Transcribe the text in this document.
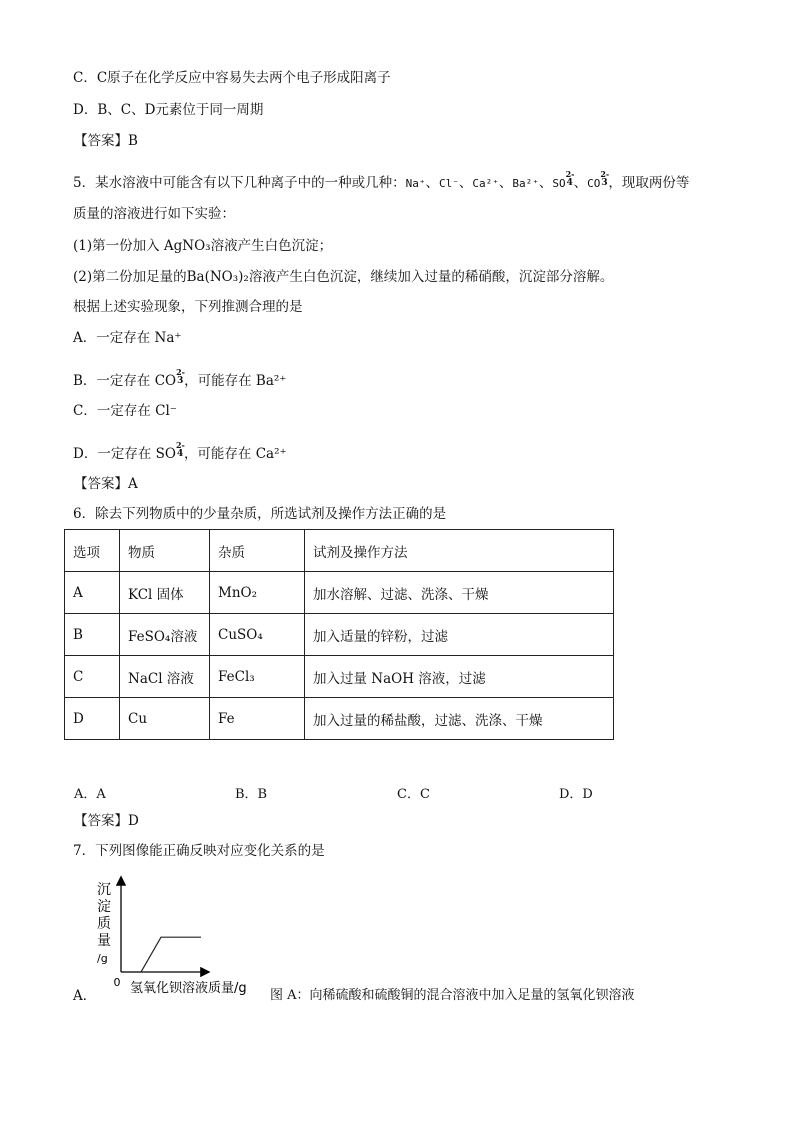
C．C原子在化学反应中容易失去两个电子形成阳离子
D．B、C、D元素位于同一周期
【答案】B
5．某水溶液中可能含有以下几种离子中的一种或几种：Na⁺、Cl⁻、Ca²⁺、Ba²⁺、SO
2-
4 、CO
2-
3 ，现取两份等
质量的溶液进行如下实验：
(1)第一份加入 AgNO₃溶液产生白色沉淀；
(2)第二份加足量的Ba(NO₃)₂溶液产生白色沉淀，继续加入过量的稀硝酸，沉淀部分溶解。
根据上述实验现象，下列推测合理的是
A．一定存在 Na⁺
B．一定存在 CO
2-
3 ，可能存在 Ba²⁺
C．一定存在 Cl⁻
D．一定存在 SO
2-
4 ，可能存在 Ca²⁺
【答案】A
6．除去下列物质中的少量杂质，所选试剂及操作方法正确的是
选项	物质	杂质	试剂及操作方法
A	KCl 固体	MnO₂	加水溶解、过滤、洗涤、干燥
B	FeSO₄溶液	CuSO₄	加入适量的锌粉，过滤
C	NaCl 溶液	FeCl₃	加入过量 NaOH 溶液，过滤
D	Cu	Fe	加入过量的稀盐酸，过滤、洗涤、干燥
A．A	B．B	C．C	D．D
【答案】D
7．下列图像能正确反映对应变化关系的是
沉
淀
质
量
/g
0 氢氧化钡溶液质量/g
A．	图 A：向稀硫酸和硫酸铜的混合溶液中加入足量的氢氧化钡溶液
